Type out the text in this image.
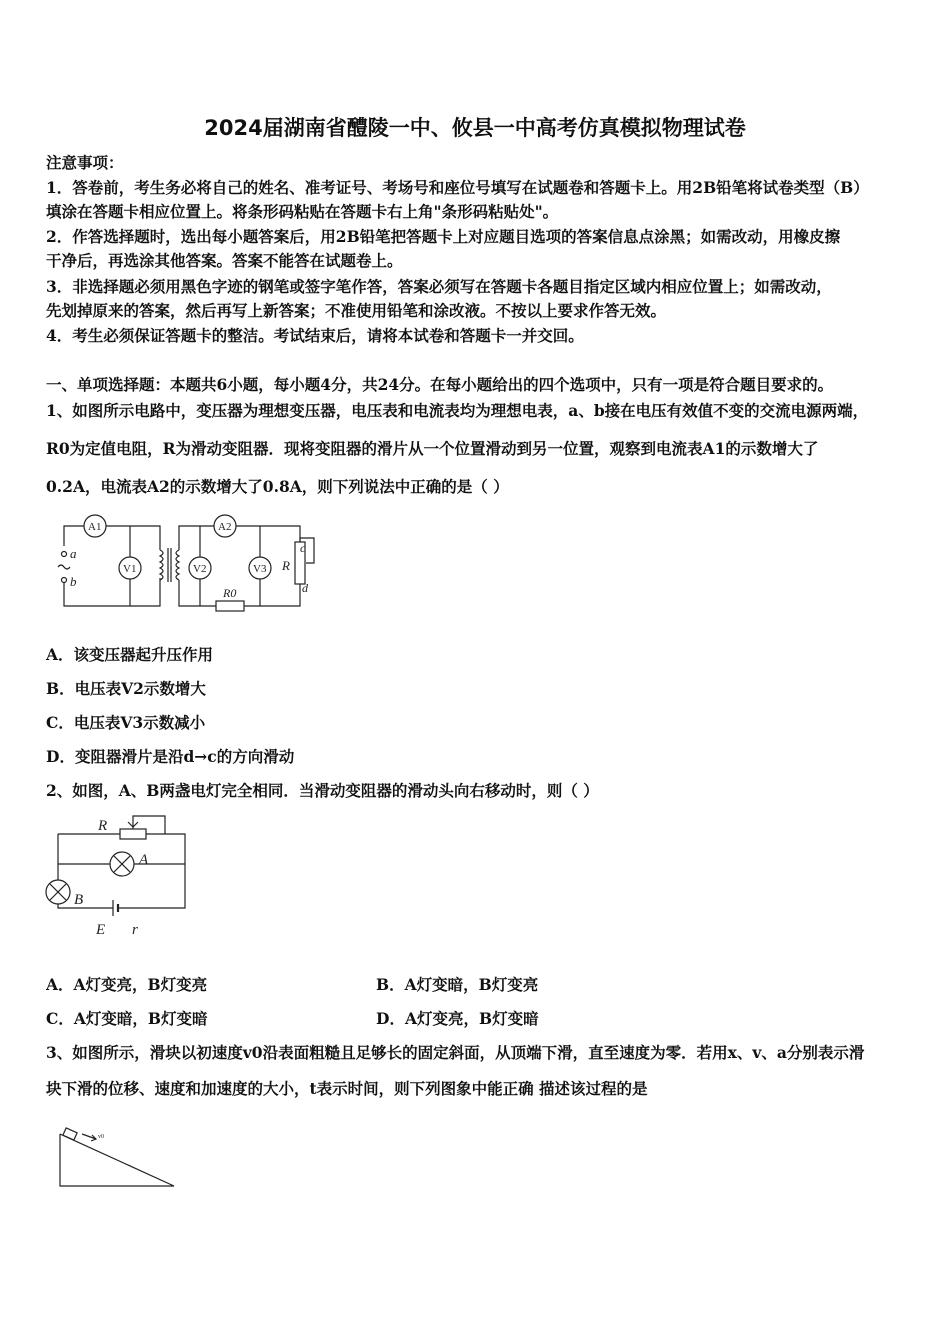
2024届湖南省醴陵一中、攸县一中高考仿真模拟物理试卷
注意事项：
1．答卷前，考生务必将自己的姓名、准考证号、考场号和座位号填写在试题卷和答题卡上。用2B铅笔将试卷类型（B）
填涂在答题卡相应位置上。将条形码粘贴在答题卡右上角"条形码粘贴处"。
2．作答选择题时，选出每小题答案后，用2B铅笔把答题卡上对应题目选项的答案信息点涂黑；如需改动，用橡皮擦
干净后，再选涂其他答案。答案不能答在试题卷上。
3．非选择题必须用黑色字迹的钢笔或签字笔作答，答案必须写在答题卡各题目指定区域内相应位置上；如需改动，
先划掉原来的答案，然后再写上新答案；不准使用铅笔和涂改液。不按以上要求作答无效。
4．考生必须保证答题卡的整洁。考试结束后，请将本试卷和答题卡一并交回。
一、单项选择题：本题共6小题，每小题4分，共24分。在每小题给出的四个选项中，只有一项是符合题目要求的。
1、如图所示电路中，变压器为理想变压器，电压表和电流表均为理想电表，a、b接在电压有效值不变的交流电源两端，
R0为定值电阻，R为滑动变阻器．现将变阻器的滑片从一个位置滑动到另一位置，观察到电流表A1的示数增大了
0.2A，电流表A2的示数增大了0.8A，则下列说法中正确的是（ ）
A1	A2
V1	V2	V3 R
R0
a
b
c
d
A．该变压器起升压作用
B．电压表V2示数增大
C．电压表V3示数减小
D．变阻器滑片是沿d→c的方向滑动
2、如图，A、B两盏电灯完全相同．当滑动变阻器的滑动头向右移动时，则（ ）
R
A
B
E r
A．A灯变亮，B灯变亮	B．A灯变暗，B灯变亮
C．A灯变暗，B灯变暗	D．A灯变亮，B灯变暗
3、如图所示，滑块以初速度v0沿表面粗糙且足够长的固定斜面，从顶端下滑，直至速度为零．若用x、v、a分别表示滑
块下滑的位移、速度和加速度的大小，t表示时间，则下列图象中能正确 描述该过程的是
v0
